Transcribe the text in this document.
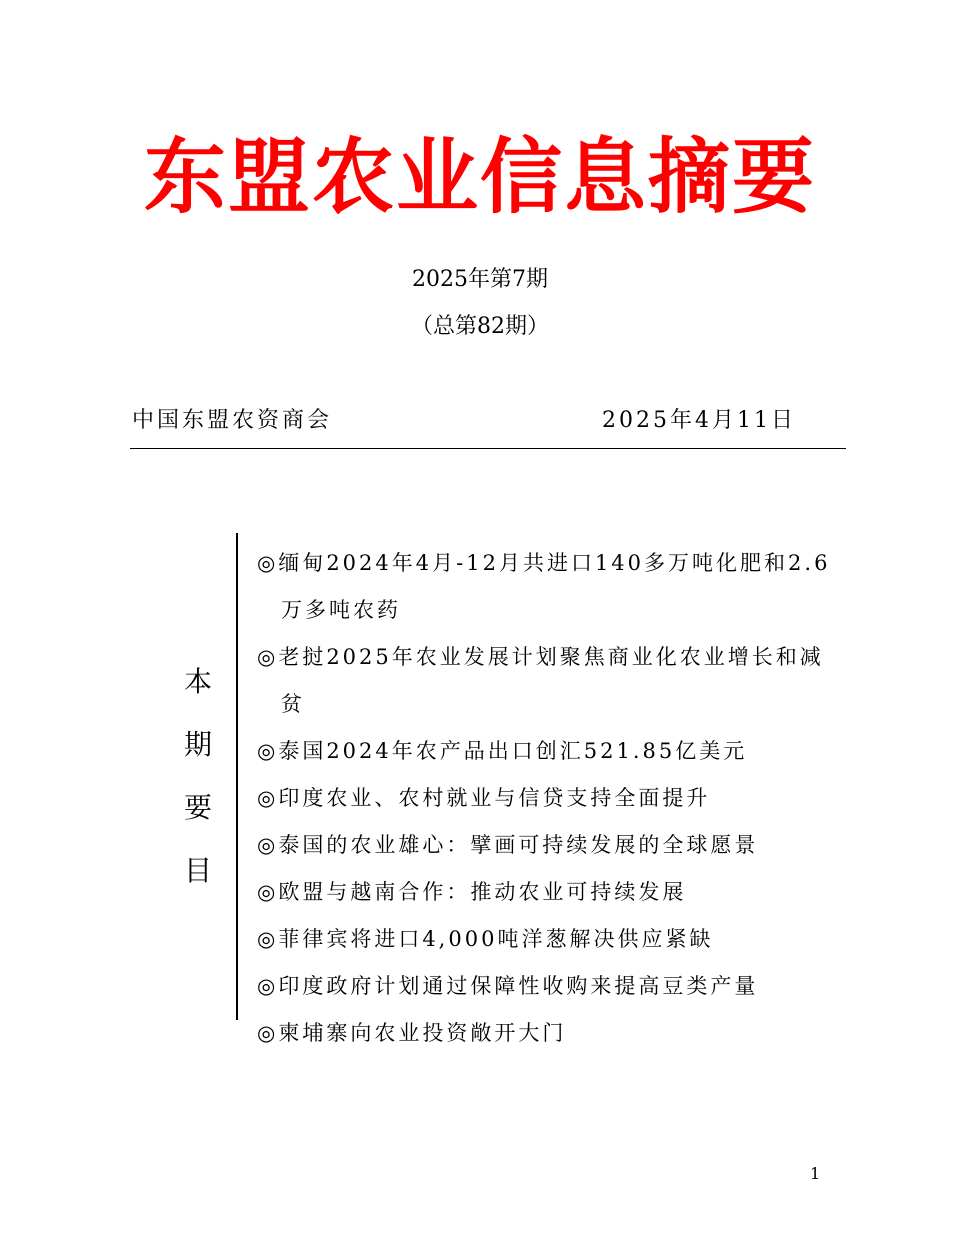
东盟农业信息摘要
2025年第7期
（总第82期）
中国东盟农资商会	2025年4月11日
本
期
要
目
◎缅甸2024年4月-12月共进口140多万吨化肥和2.6万多吨农药
◎老挝2025年农业发展计划聚焦商业化农业增长和减贫
◎泰国2024年农产品出口创汇521.85亿美元
◎印度农业、农村就业与信贷支持全面提升
◎泰国的农业雄心：擘画可持续发展的全球愿景
◎欧盟与越南合作：推动农业可持续发展
◎菲律宾将进口4,000吨洋葱解决供应紧缺
◎印度政府计划通过保障性收购来提高豆类产量
◎柬埔寨向农业投资敞开大门
1
